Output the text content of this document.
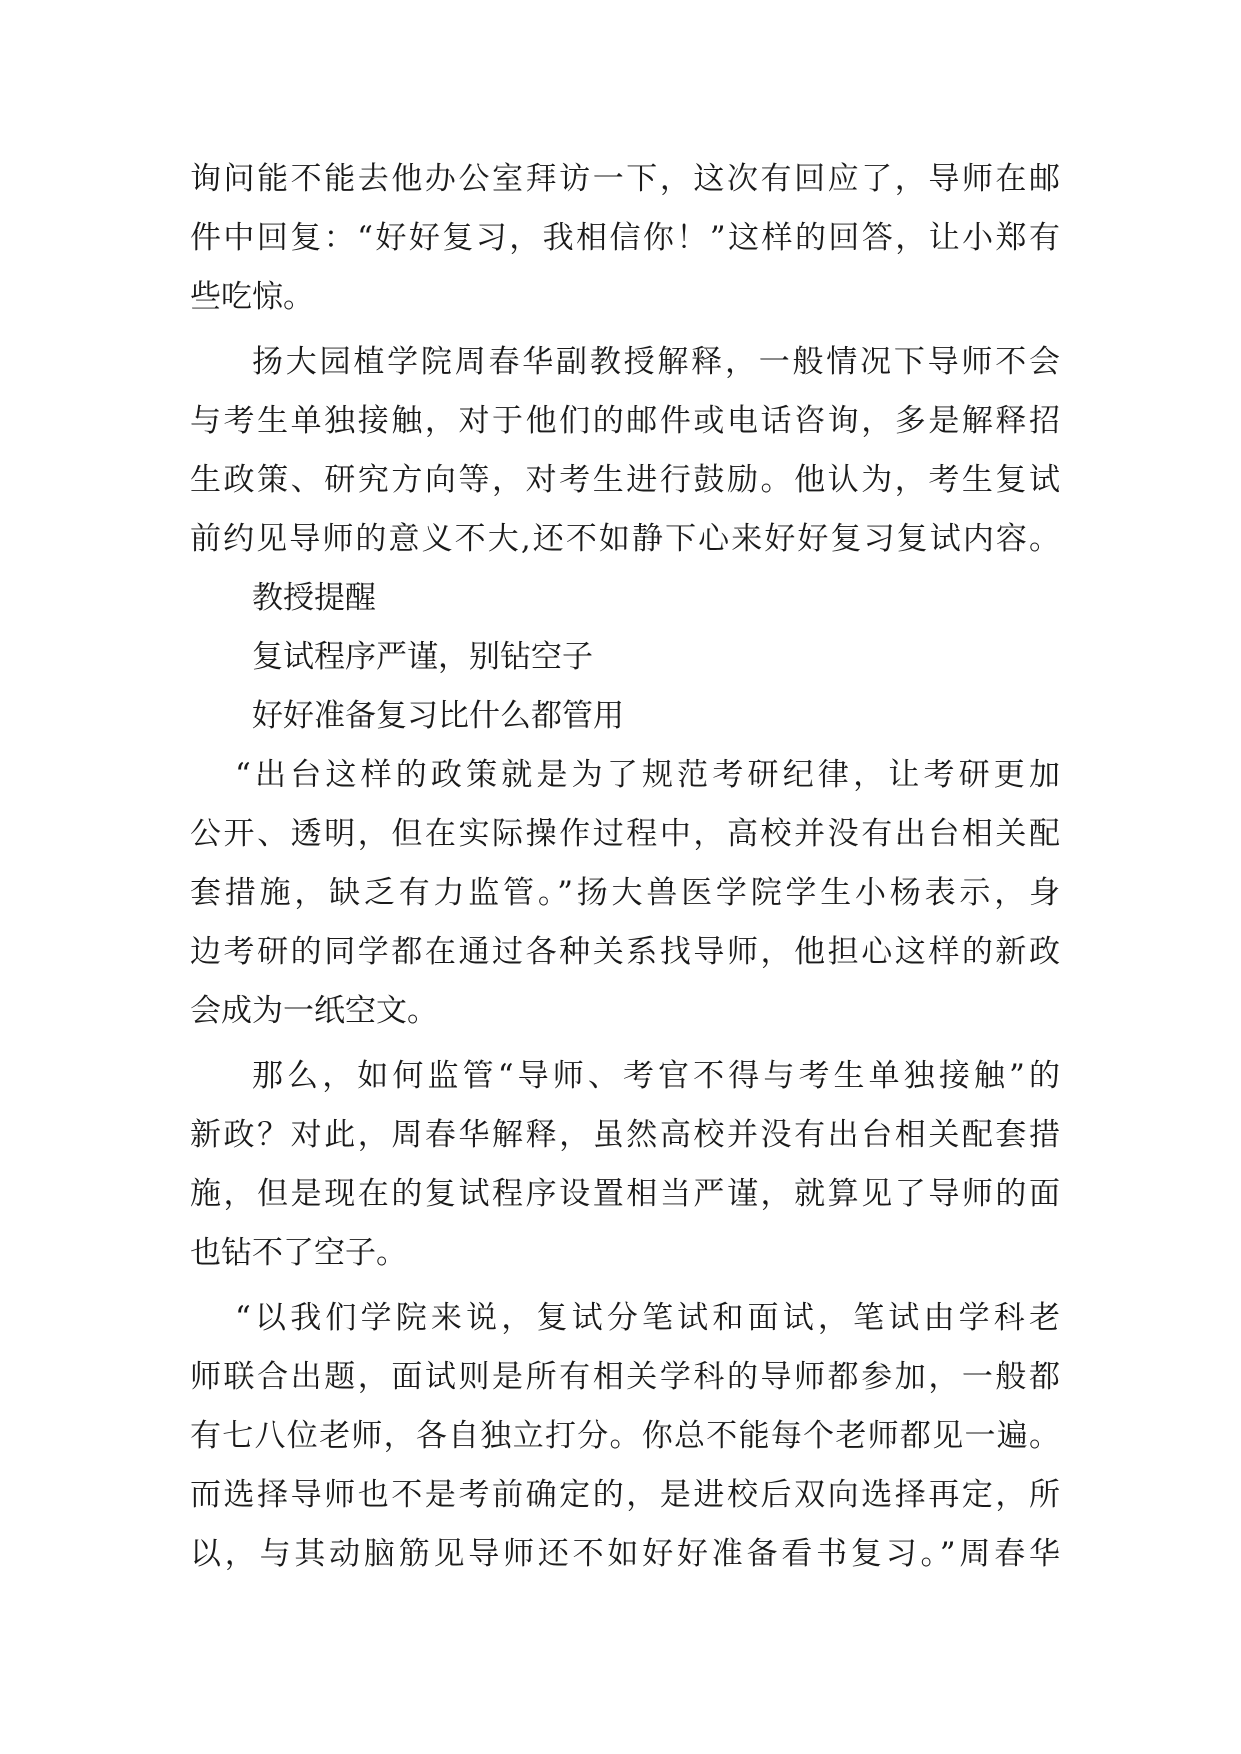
询问能不能去他办公室拜访一下，这次有回应了，导师在邮
件中回复：“好好复习，我相信你！”这样的回答，让小郑有
些吃惊。
扬大园植学院周春华副教授解释，一般情况下导师不会
与考生单独接触，对于他们的邮件或电话咨询，多是解释招
生政策、研究方向等，对考生进行鼓励。他认为，考生复试
前约见导师的意义不大,还不如静下心来好好复习复试内容。
教授提醒
复试程序严谨，别钻空子
好好准备复习比什么都管用
“出台这样的政策就是为了规范考研纪律，让考研更加
公开、透明，但在实际操作过程中，高校并没有出台相关配
套措施，缺乏有力监管。”扬大兽医学院学生小杨表示，身
边考研的同学都在通过各种关系找导师，他担心这样的新政
会成为一纸空文。
那么，如何监管“导师、考官不得与考生单独接触”的
新政？对此，周春华解释，虽然高校并没有出台相关配套措
施，但是现在的复试程序设置相当严谨，就算见了导师的面
也钻不了空子。
“以我们学院来说，复试分笔试和面试，笔试由学科老
师联合出题，面试则是所有相关学科的导师都参加，一般都
有七八位老师，各自独立打分。你总不能每个老师都见一遍。
而选择导师也不是考前确定的，是进校后双向选择再定，所
以，与其动脑筋见导师还不如好好准备看书复习。”周春华
